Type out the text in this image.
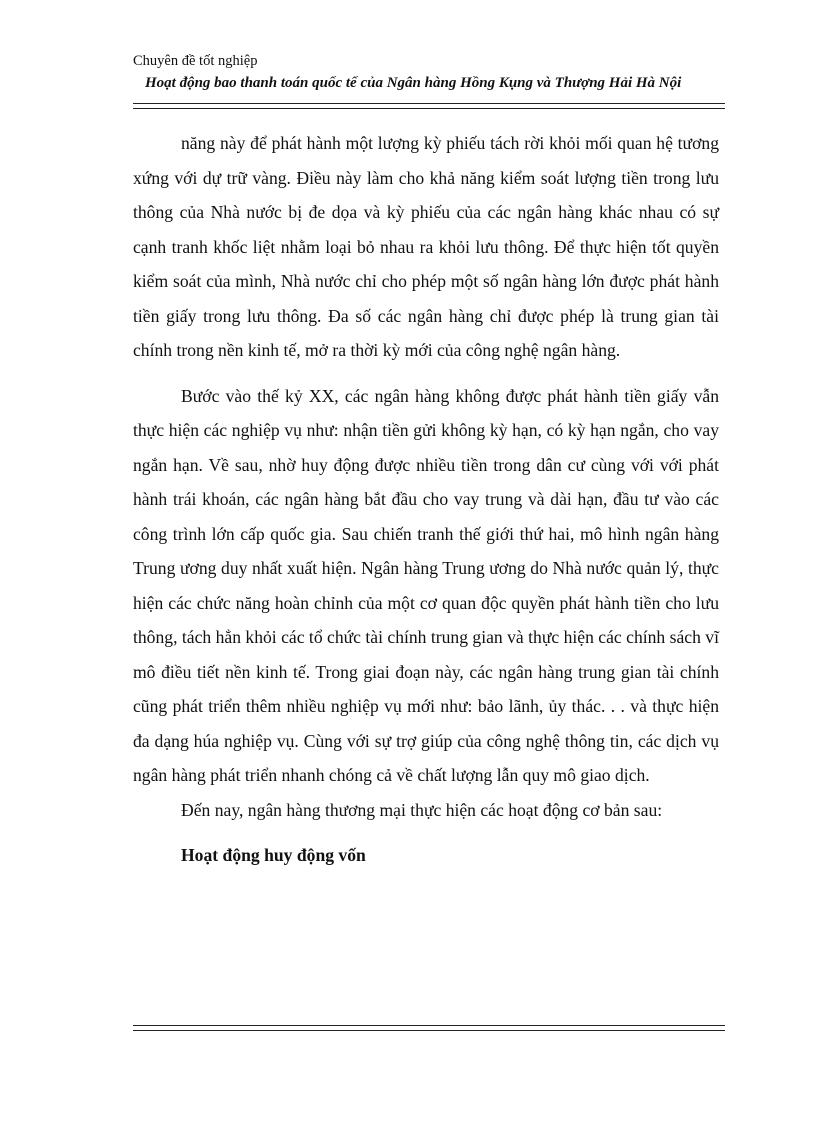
Chuyên đề tốt nghiệp

Hoạt động bao thanh toán quốc tế của Ngân hàng Hồng Kụng và Thượng Hải Hà Nội

năng này để phát hành một lượng kỳ phiếu tách rời khỏi mối quan hệ tương xứng với dự trữ vàng. Điều này làm cho khả năng kiểm soát lượng tiền trong lưu thông của Nhà nước bị đe dọa và kỳ phiếu của các ngân hàng khác nhau có sự cạnh tranh khốc liệt nhằm loại bỏ nhau ra khỏi lưu thông. Để thực hiện tốt quyền kiểm soát của mình, Nhà nước chỉ cho phép một số ngân hàng lớn được phát hành tiền giấy trong lưu thông. Đa số các ngân hàng chỉ được phép là trung gian tài chính trong nền kinh tế, mở ra thời kỳ mới của công nghệ ngân hàng.

Bước vào thế kỷ XX, các ngân hàng không được phát hành tiền giấy vẫn thực hiện các nghiệp vụ như: nhận tiền gửi không kỳ hạn, có kỳ hạn ngắn, cho vay ngắn hạn. Về sau, nhờ huy động được nhiều tiền trong dân cư cùng với với phát hành trái khoán, các ngân hàng bắt đầu cho vay trung và dài hạn, đầu tư vào các công trình lớn cấp quốc gia. Sau chiến tranh thế giới thứ hai, mô hình ngân hàng Trung ương duy nhất xuất hiện. Ngân hàng Trung ương do Nhà nước quản lý, thực hiện các chức năng hoàn chỉnh của một cơ quan độc quyền phát hành tiền cho lưu thông, tách hẳn khỏi các tổ chức tài chính trung gian và thực hiện các chính sách vĩ mô điều tiết nền kinh tế. Trong giai đoạn này, các ngân hàng trung gian tài chính cũng phát triển thêm nhiều nghiệp vụ mới như: bảo lãnh, ủy thác. . . và thực hiện đa dạng húa nghiệp vụ. Cùng với sự trợ giúp của công nghệ thông tin, các dịch vụ ngân hàng phát triển nhanh chóng cả về chất lượng lẫn quy mô giao dịch.

Đến nay, ngân hàng thương mại thực hiện các hoạt động cơ bản sau:

Hoạt động huy động vốn
